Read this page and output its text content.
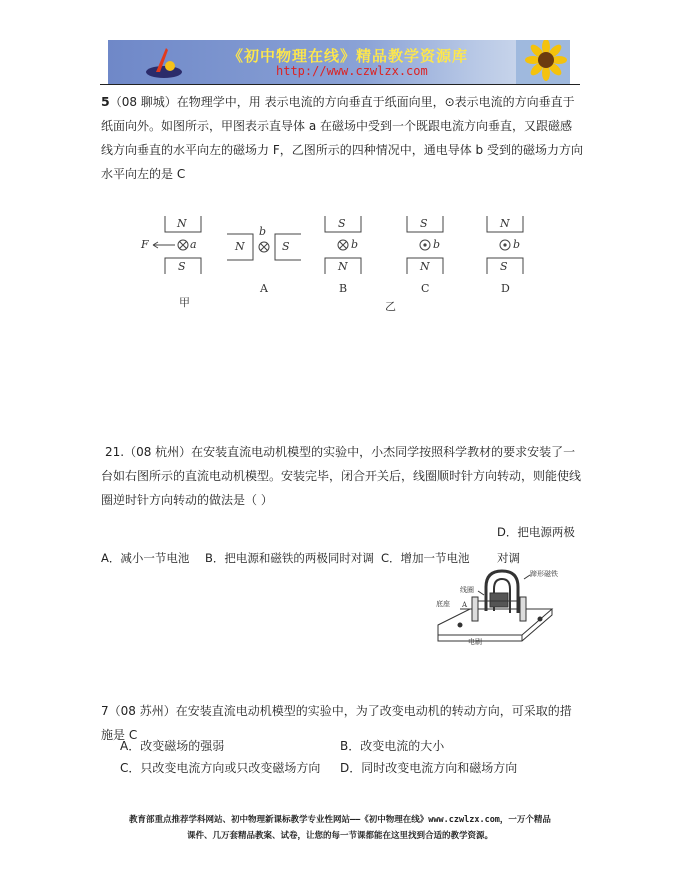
《初中物理在线》精品教学资源库
http://www.czwlzx.com
5（08 聊城）在物理学中，用 表示电流的方向垂直于纸面向里，⊙表示电流的方向垂直于纸面向外。如图所示，甲图表示直导体 a 在磁场中受到一个既跟电流方向垂直，又跟磁感线方向垂直的水平向左的磁场力 F，乙图所示的四种情况中，通电导体 b 受到的磁场力方向水平向左的是 C
N
S
F	a
甲
N	S
b
A
S
N
b
B
S
N
b
C
N
S
b
D
乙
21.（08 杭州）在安装直流电动机模型的实验中，小杰同学按照科学教材的要求安装了一台如右图所示的直流电动机模型。安装完毕，闭合开关后，线圈顺时针方向转动，则能使线圈逆时针方向转动的做法是（ ）
A．减小一节电池 B．把电源和磁铁的两极同时对调 C．增加一节电池D．把电源两极对调
蹄形磁铁
线圈
底座 A
电刷
7（08 苏州）在安装直流电动机模型的实验中，为了改变电动机的转动方向，可采取的措施是 C
A．改变磁场的强弱	B．改变电流的大小
C．只改变电流方向或只改变磁场方向 D．同时改变电流方向和磁场方向
教育部重点推荐学科网站、初中物理新课标教学专业性网站——《初中物理在线》www.czwlzx.com，一万个精品
课件、几万套精品教案、试卷，让您的每一节课都能在这里找到合适的教学资源。
